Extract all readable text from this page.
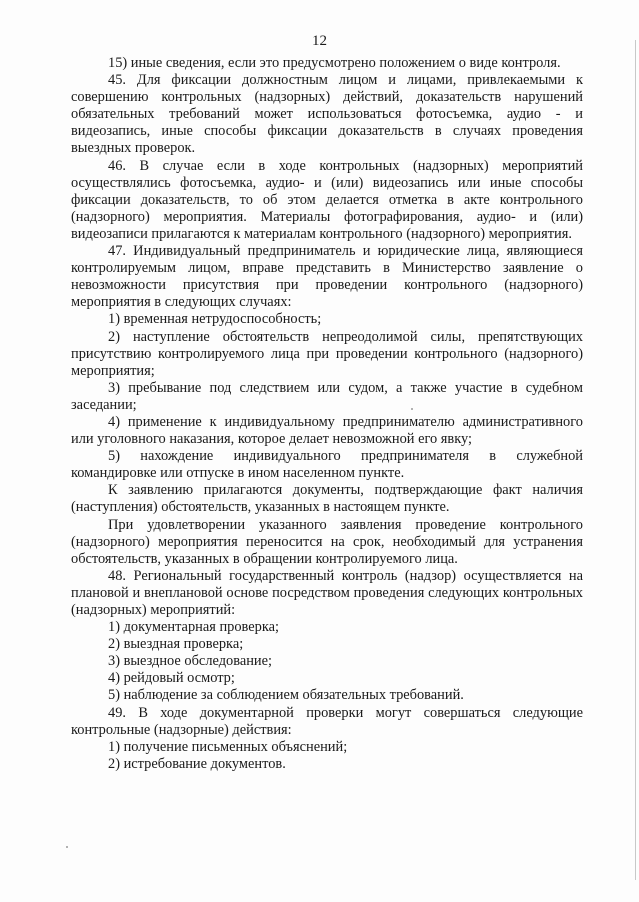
12

15) иные сведения, если это предусмотрено положением о виде контроля.

45. Для фиксации должностным лицом и лицами, привлекаемыми к совершению контрольных (надзорных) действий, доказательств нарушений обязательных требований может использоваться фотосъемка, аудио - и видеозапись, иные способы фиксации доказательств в случаях проведения выездных проверок.

46. В случае если в ходе контрольных (надзорных) мероприятий осуществлялись фотосъемка, аудио- и (или) видеозапись или иные способы фиксации доказательств, то об этом делается отметка в акте контрольного (надзорного) мероприятия. Материалы фотографирования, аудио- и (или) видеозаписи прилагаются к материалам контрольного (надзорного) мероприятия.

47. Индивидуальный предприниматель и юридические лица, являющиеся контролируемым лицом, вправе представить в Министерство заявление о невозможности присутствия при проведении контрольного (надзорного) мероприятия в следующих случаях:

1) временная нетрудоспособность;

2) наступление обстоятельств непреодолимой силы, препятствующих присутствию контролируемого лица при проведении контрольного (надзорного) мероприятия;

3) пребывание под следствием или судом, а также участие в судебном заседании;

4) применение к индивидуальному предпринимателю административного или уголовного наказания, которое делает невозможной его явку;

5) нахождение индивидуального предпринимателя в служебной командировке или отпуске в ином населенном пункте.

К заявлению прилагаются документы, подтверждающие факт наличия (наступления) обстоятельств, указанных в настоящем пункте.

При удовлетворении указанного заявления проведение контрольного (надзорного) мероприятия переносится на срок, необходимый для устранения обстоятельств, указанных в обращении контролируемого лица.

48. Региональный государственный контроль (надзор) осуществляется на плановой и внеплановой основе посредством проведения следующих контрольных (надзорных) мероприятий:

1) документарная проверка;

2) выездная проверка;

3) выездное обследование;

4) рейдовый осмотр;

5) наблюдение за соблюдением обязательных требований.

49. В ходе документарной проверки могут совершаться следующие контрольные (надзорные) действия:

1) получение письменных объяснений;

2) истребование документов.
